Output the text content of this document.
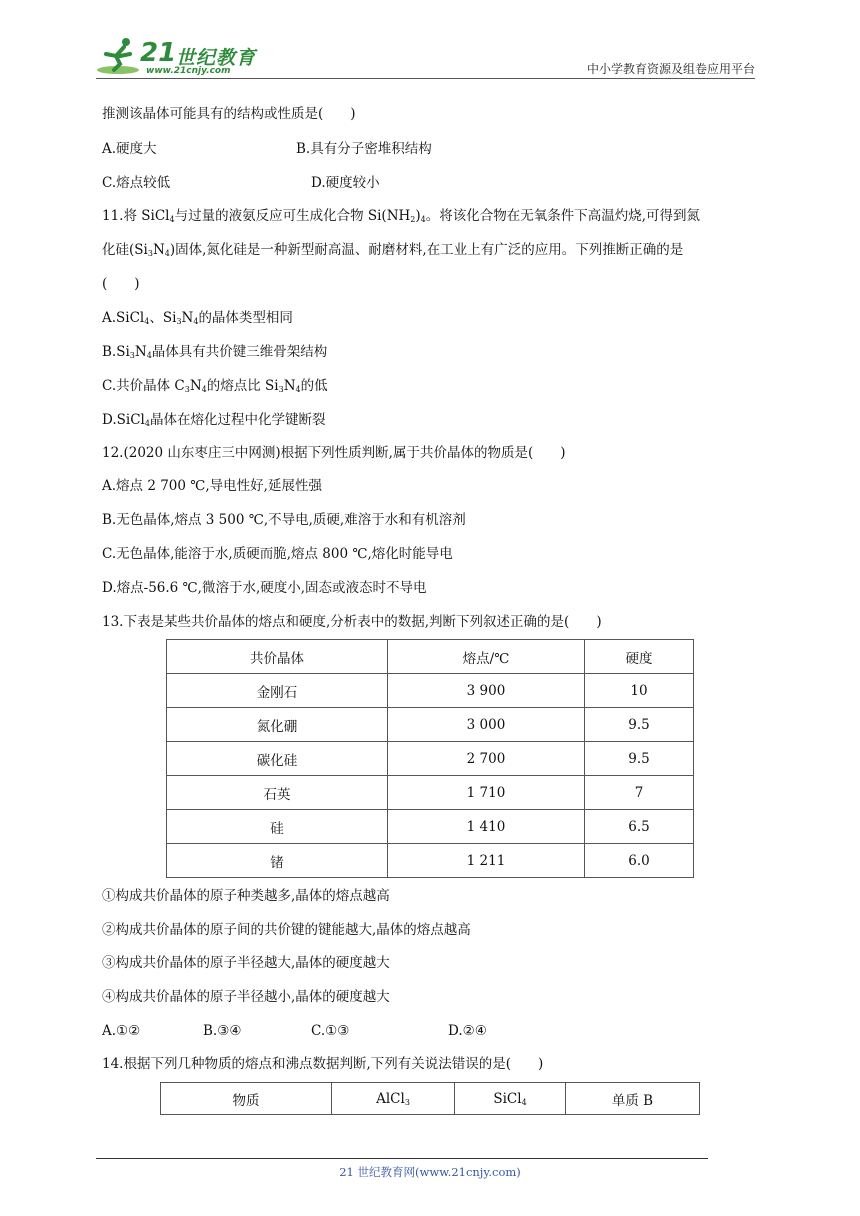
21 世纪教育
www.21cnjy.com	中小学教育资源及组卷应用平台
推测该晶体可能具有的结构或性质是(　　)
A.硬度大	B.具有分子密堆积结构
C.熔点较低	D.硬度较小
11.将 SiCl$_4$与过量的液氨反应可生成化合物 $Si(NH_2)_4$。将该化合物在无氧条件下高温灼烧,可得到氮
化硅$(Si_3N_4)$固体,氮化硅是一种新型耐高温、耐磨材料,在工业上有广泛的应用。下列推断正确的是
(　　)
A.SiCl$_4$、$Si_3N_4$的晶体类型相同
$B.Si_3N_4$晶体具有共价键三维骨架结构
C.共价晶体 $C_3N_4$的熔点比 $Si_3N_4$的低
D.SiCl$_4$晶体在熔化过程中化学键断裂
12.(2020 山东枣庄三中网测)根据下列性质判断,属于共价晶体的物质是(　　)
A.熔点 2 700 ℃,导电性好,延展性强
B.无色晶体,熔点 3 500 ℃,不导电,质硬,难溶于水和有机溶剂
C.无色晶体,能溶于水,质硬而脆,熔点 800 ℃,熔化时能导电
D.熔点-56.6 ℃,微溶于水,硬度小,固态或液态时不导电
13.下表是某些共价晶体的熔点和硬度,分析表中的数据,判断下列叙述正确的是(　　)
共价晶体	熔点/℃	硬度
金刚石	3 900	10
氮化硼	3 000	9.5
碳化硅	2 700	9.5
石英	1 710	7
硅	1 410	6.5
锗	1 211	6.0
①构成共价晶体的原子种类越多,晶体的熔点越高
②构成共价晶体的原子间的共价键的键能越大,晶体的熔点越高
③构成共价晶体的原子半径越大,晶体的硬度越大
④构成共价晶体的原子半径越小,晶体的硬度越大
A.①②	B.③④	C.①③	D.②④
14.根据下列几种物质的熔点和沸点数据判断,下列有关说法错误的是(　　)
物质	AlCl$_3$	SiCl$_4$	单质 B
21 世纪教育网(www.21cnjy.com)
